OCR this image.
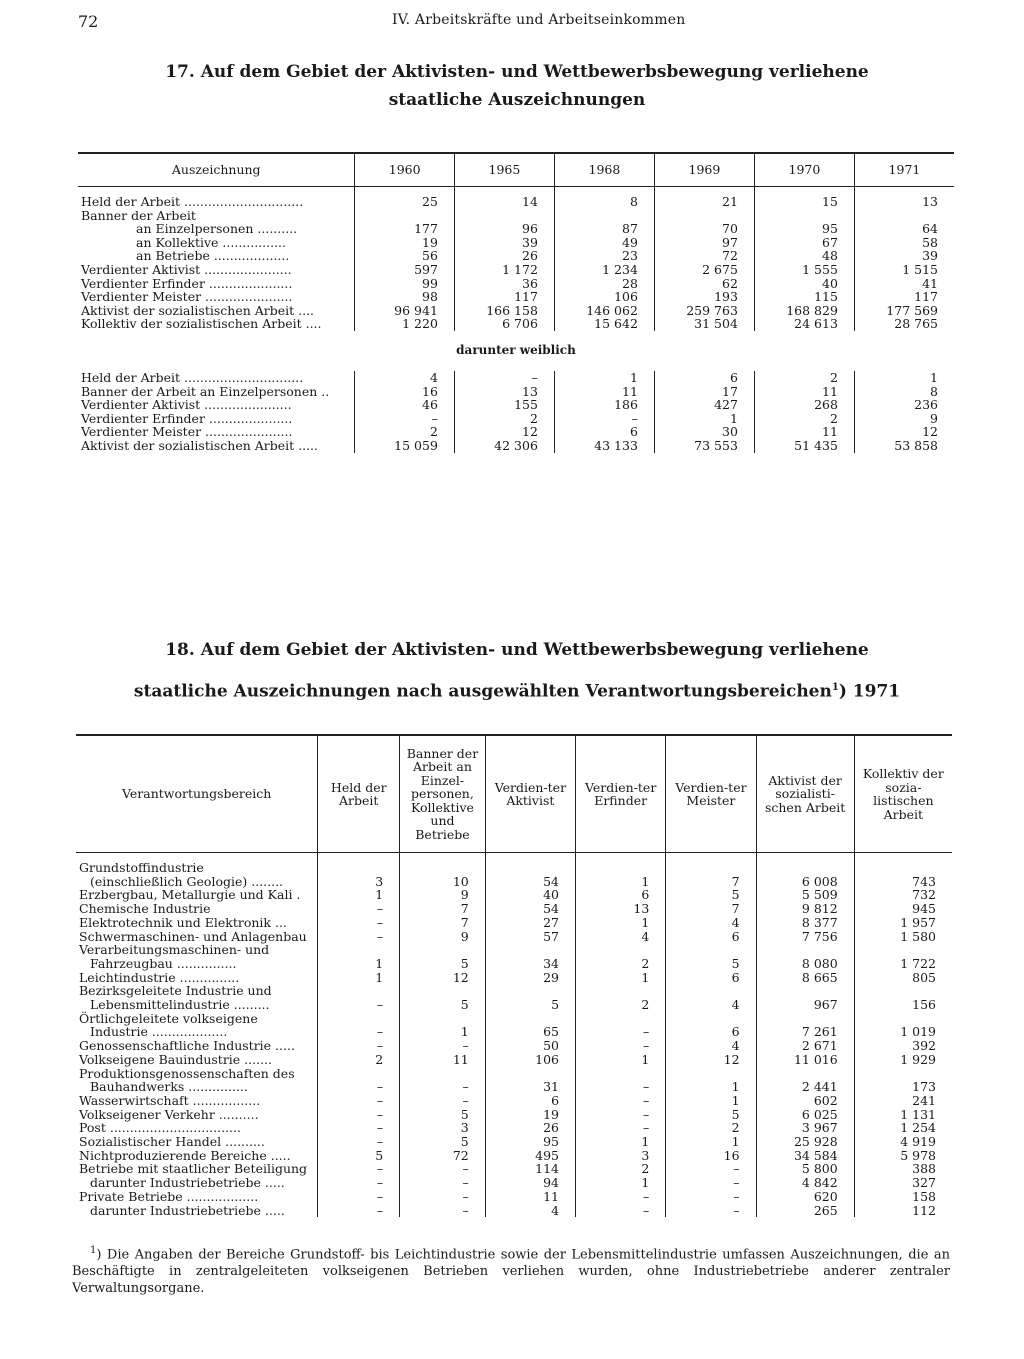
72	IV. Arbeitskräfte und Arbeitseinkommen
17. Auf dem Gebiet der Aktivisten- und Wettbewerbsbewegung verliehene
staatliche Auszeichnungen
Auszeichnung	1960	1965	1968	1969	1970	1971

Held der Arbeit ..............................	25	14	8	21	15	13
Banner der Arbeit						
an Einzelpersonen ..........	177	96	87	70	95	64
an Kollektive ................	19	39	49	97	67	58
an Betriebe ...................	56	26	23	72	48	39
Verdienter Aktivist ......................	597	1 172	1 234	2 675	1 555	1 515
Verdienter Erfinder .....................	99	36	28	62	40	41
Verdienter Meister ......................	98	117	106	193	115	117
Aktivist der sozialistischen Arbeit ....	96 941	166 158	146 062	259 763	168 829	177 569
Kollektiv der sozialistischen Arbeit ....	1 220	6 706	15 642	31 504	24 613	28 765
darunter weiblich						
Held der Arbeit ..............................	4	–	1	6	2	1
Banner der Arbeit an Einzelpersonen ..	16	13	11	17	11	8
Verdienter Aktivist ......................	46	155	186	427	268	236
Verdienter Erfinder .....................	–	2	–	1	2	9
Verdienter Meister ......................	2	12	6	30	11	12
Aktivist der sozialistischen Arbeit .....	15 059	42 306	43 133	73 553	51 435	53 858
18. Auf dem Gebiet der Aktivisten- und Wettbewerbsbewegung verliehene
staatliche Auszeichnungen nach ausgewählten Verantwortungsbereichen$^1$) 1971
Verantwortungsbereich	Held der Arbeit	Banner der Arbeit an Einzel-personen, Kollektive und Betriebe	Verdien-ter Aktivist	Verdien-ter Erfinder	Verdien-ter Meister	Aktivist der sozialisti-schen Arbeit	Kollektiv der sozia-listischen Arbeit

Grundstoffindustrie							
(einschließlich Geologie) ........	3	10	54	1	7	6 008	743
Erzbergbau, Metallurgie und Kali .	1	9	40	6	5	5 509	732
Chemische Industrie	–	7	54	13	7	9 812	945
Elektrotechnik und Elektronik ...	–	7	27	1	4	8 377	1 957
Schwermaschinen- und Anlagenbau	–	9	57	4	6	7 756	1 580
Verarbeitungsmaschinen- und							
Fahrzeugbau ...............	1	5	34	2	5	8 080	1 722
Leichtindustrie ...............	1	12	29	1	6	8 665	805
Bezirksgeleitete Industrie und							
Lebensmittelindustrie .........	–	5	5	2	4	967	156
Örtlichgeleitete volkseigene							
Industrie ...................	–	1	65	–	6	7 261	1 019
Genossenschaftliche Industrie .....	–	–	50	–	4	2 671	392
Volkseigene Bauindustrie .......	2	11	106	1	12	11 016	1 929
Produktionsgenossenschaften des							
Bauhandwerks ...............	–	–	31	–	1	2 441	173
Wasserwirtschaft .................	–	–	6	–	1	602	241
Volkseigener Verkehr ..........	–	5	19	–	5	6 025	1 131
Post .................................	–	3	26	–	2	3 967	1 254
Sozialistischer Handel ..........	–	5	95	1	1	25 928	4 919
Nichtproduzierende Bereiche .....	5	72	495	3	16	34 584	5 978
Betriebe mit staatlicher Beteiligung	–	–	114	2	–	5 800	388
darunter Industriebetriebe .....	–	–	94	1	–	4 842	327
Private Betriebe ..................	–	–	11	–	–	620	158
darunter Industriebetriebe .....	–	–	4	–	–	265	112
$^1$) Die Angaben der Bereiche Grundstoff- bis Leichtindustrie sowie der Lebensmittelindustrie umfassen Auszeichnungen, die an Beschäftigte in zentralgeleiteten volkseigenen Betrieben verliehen wurden, ohne Industriebetriebe anderer zentraler Verwaltungsorgane.
